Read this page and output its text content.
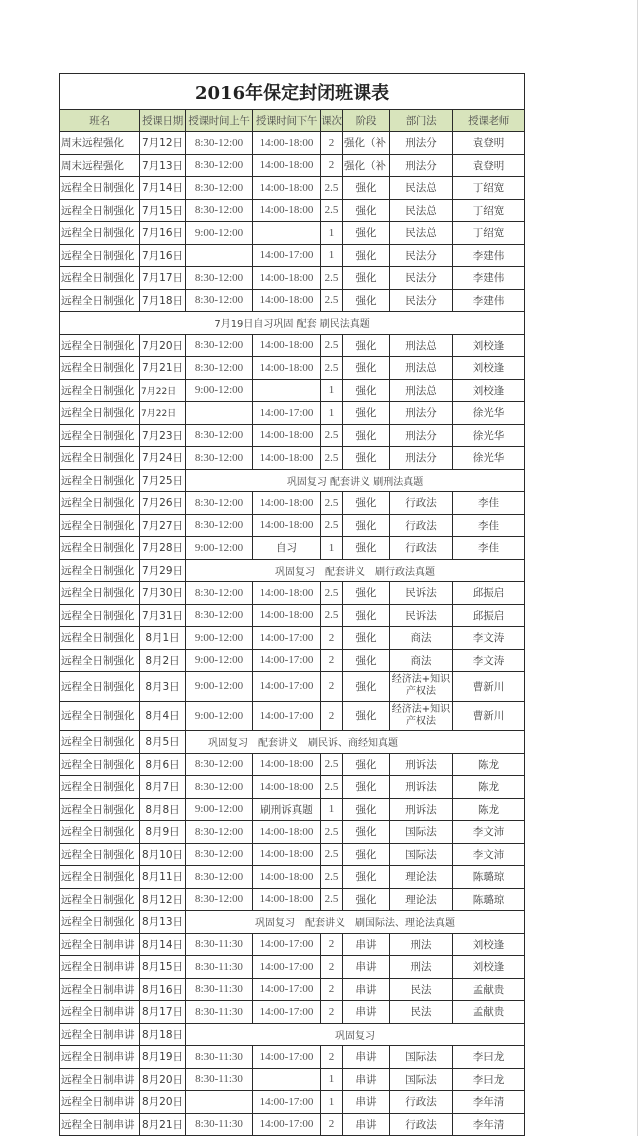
2016年保定封闭班课表							
班名	授课日期	授课时间上午	授课时间下午	课次	阶段	部门法	授课老师
周末远程强化	7月12日	8:30-12:00	14:00-18:00	2	强化（补	刑法分	袁登明
周末远程强化	7月13日	8:30-12:00	14:00-18:00	2	强化（补	刑法分	袁登明
远程全日制强化	7月14日	8:30-12:00	14:00-18:00	2.5	强化	民法总	丁绍宽
远程全日制强化	7月15日	8:30-12:00	14:00-18:00	2.5	强化	民法总	丁绍宽
远程全日制强化	7月16日	9:00-12:00		1	强化	民法总	丁绍宽
远程全日制强化	7月16日		14:00-17:00	1	强化	民法分	李建伟
远程全日制强化	7月17日	8:30-12:00	14:00-18:00	2.5	强化	民法分	李建伟
远程全日制强化	7月18日	8:30-12:00	14:00-18:00	2.5	强化	民法分	李建伟
7月19日自习巩固 配套 刷民法真题							
远程全日制强化	7月20日	8:30-12:00	14:00-18:00	2.5	强化	刑法总	刘校逢
远程全日制强化	7月21日	8:30-12:00	14:00-18:00	2.5	强化	刑法总	刘校逢
远程全日制强化	7月22日	9:00-12:00		1	强化	刑法总	刘校逢
远程全日制强化	7月22日		14:00-17:00	1	强化	刑法分	徐光华
远程全日制强化	7月23日	8:30-12:00	14:00-18:00	2.5	强化	刑法分	徐光华
远程全日制强化	7月24日	8:30-12:00	14:00-18:00	2.5	强化	刑法分	徐光华
远程全日制强化	7月25日	巩固复习 配套讲义 刷刑法真题					
远程全日制强化	7月26日	8:30-12:00	14:00-18:00	2.5	强化	行政法	李佳
远程全日制强化	7月27日	8:30-12:00	14:00-18:00	2.5	强化	行政法	李佳
远程全日制强化	7月28日	9:00-12:00	自习	1	强化	行政法	李佳
远程全日制强化	7月29日	巩固复习　配套讲义　刷行政法真题					
远程全日制强化	7月30日	8:30-12:00	14:00-18:00	2.5	强化	民诉法	邱振启
远程全日制强化	7月31日	8:30-12:00	14:00-18:00	2.5	强化	民诉法	邱振启
远程全日制强化	8月1日	9:00-12:00	14:00-17:00	2	强化	商法	李文涛
远程全日制强化	8月2日	9:00-12:00	14:00-17:00	2	强化	商法	李文涛
远程全日制强化	8月3日	9:00-12:00	14:00-17:00	2	强化	经济法+知识产权法	曹新川
远程全日制强化	8月4日	9:00-12:00	14:00-17:00	2	强化	经济法+知识产权法	曹新川
远程全日制强化	8月5日	巩固复习　配套讲义　刷民诉、商经知真题					
远程全日制强化	8月6日	8:30-12:00	14:00-18:00	2.5	强化	刑诉法	陈龙
远程全日制强化	8月7日	8:30-12:00	14:00-18:00	2.5	强化	刑诉法	陈龙
远程全日制强化	8月8日	9:00-12:00	刷刑诉真题	1	强化	刑诉法	陈龙
远程全日制强化	8月9日	8:30-12:00	14:00-18:00	2.5	强化	国际法	李文沛
远程全日制强化	8月10日	8:30-12:00	14:00-18:00	2.5	强化	国际法	李文沛
远程全日制强化	8月11日	8:30-12:00	14:00-18:00	2.5	强化	理论法	陈璐琼
远程全日制强化	8月12日	8:30-12:00	14:00-18:00	2.5	强化	理论法	陈璐琼
远程全日制强化	8月13日	巩固复习　配套讲义　刷国际法、理论法真题					
远程全日制串讲	8月14日	8:30-11:30	14:00-17:00	2	串讲	刑法	刘校逢
远程全日制串讲	8月15日	8:30-11:30	14:00-17:00	2	串讲	刑法	刘校逢
远程全日制串讲	8月16日	8:30-11:30	14:00-17:00	2	串讲	民法	孟献贵
远程全日制串讲	8月17日	8:30-11:30	14:00-17:00	2	串讲	民法	孟献贵
远程全日制串讲	8月18日	巩固复习					
远程全日制串讲	8月19日	8:30-11:30	14:00-17:00	2	串讲	国际法	李曰龙
远程全日制串讲	8月20日	8:30-11:30		1	串讲	国际法	李曰龙
远程全日制串讲	8月20日		14:00-17:00	1	串讲	行政法	李年清
远程全日制串讲	8月21日	8:30-11:30	14:00-17:00	2	串讲	行政法	李年清
